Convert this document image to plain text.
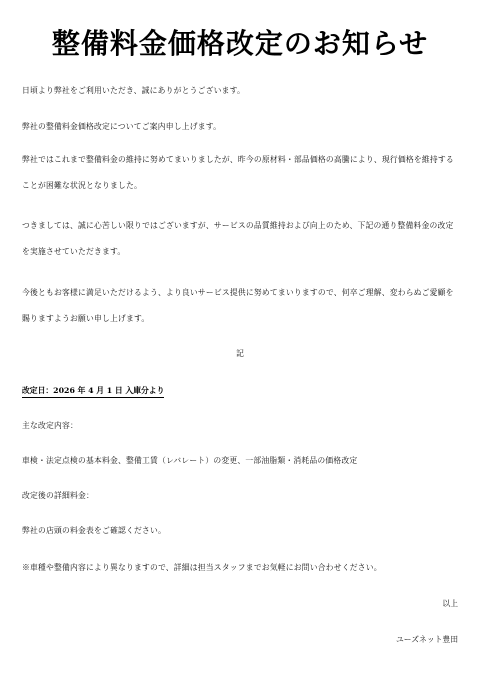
整備料金価格改定のお知らせ
日頃より弊社をご利用いただき、誠にありがとうございます。
弊社の整備料金価格改定についてご案内申し上げます。
弊社ではこれまで整備料金の維持に努めてまいりましたが、昨今の原材料・部品価格の高騰により、現行価格を維持することが困難な状況となりました。
つきましては、誠に心苦しい限りではございますが、サービスの品質維持および向上のため、下記の通り整備料金の改定を実施させていただきます。
今後ともお客様に満足いただけるよう、より良いサービス提供に努めてまいりますので、何卒ご理解、変わらぬご愛顧を賜りますようお願い申し上げます。
記
改定日：2026 年 4 月 1 日 入庫分より
主な改定内容：
車検・法定点検の基本料金、整備工賃（レバレート）の変更、一部油脂類・消耗品の価格改定
改定後の詳細料金：
弊社の店頭の料金表をご確認ください。
※車種や整備内容により異なりますので、詳細は担当スタッフまでお気軽にお問い合わせください。
以上
ユーズネット豊田
